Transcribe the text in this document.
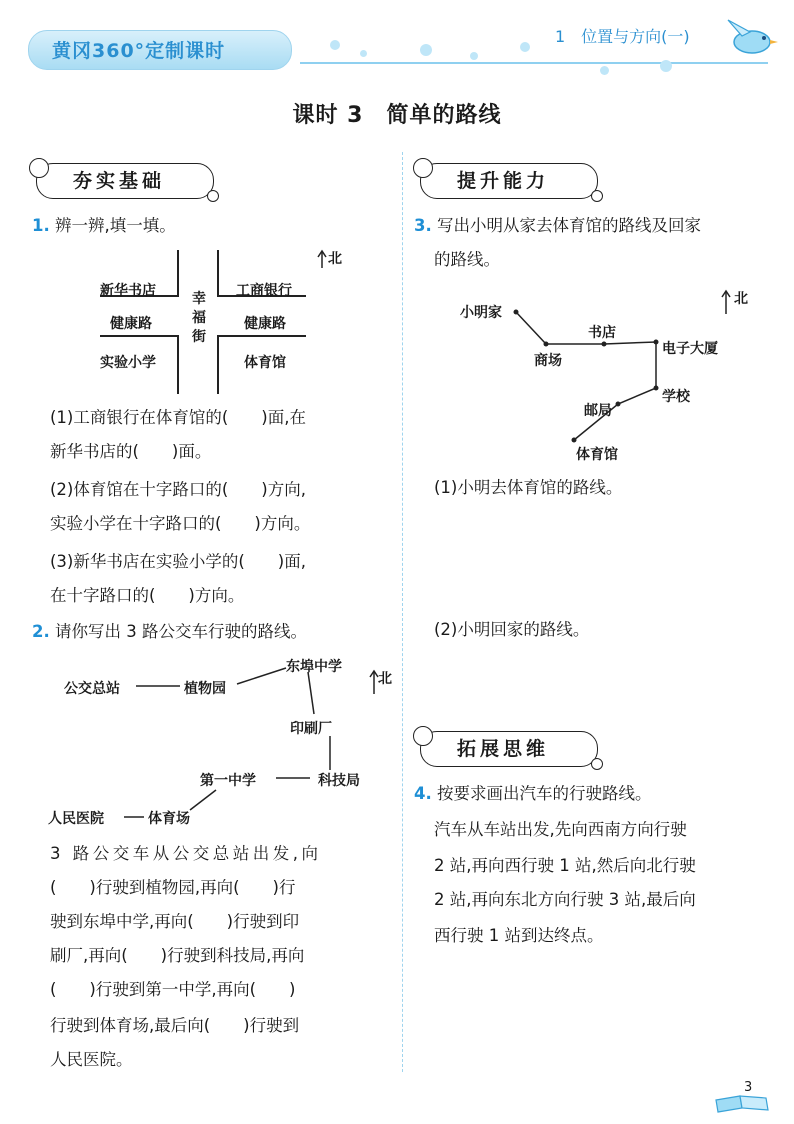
黄冈360°定制课时
1　位置与方向(一)
课时 3　简单的路线
夯实基础
1. 辨一辨,填一填。
北
新华书店	工商银行
健康路	健康路
实验小学	体育馆
幸福街
(1)工商银行在体育馆的(　　)面,在
新华书店的(　　)面。
(2)体育馆在十字路口的(　　)方向,
实验小学在十字路口的(　　)方向。
(3)新华书店在实验小学的(　　)面,
在十字路口的(　　)方向。
2. 请你写出 3 路公交车行驶的路线。
北
公交总站	植物园
东埠中学
印刷厂
科技局
第一中学
体育场
人民医院
3 路公交车从公交总站出发,向
(　　)行驶到植物园,再向(　　)行
驶到东埠中学,再向(　　)行驶到印
刷厂,再向(　　)行驶到科技局,再向
(　　)行驶到第一中学,再向(　　)
行驶到体育场,最后向(　　)行驶到
人民医院。
提升能力
3. 写出小明从家去体育馆的路线及回家
的路线。
北
小明家
书店
商场
电子大厦
学校
邮局
体育馆
(1)小明去体育馆的路线。
(2)小明回家的路线。
拓展思维
4. 按要求画出汽车的行驶路线。
汽车从车站出发,先向西南方向行驶
2 站,再向西行驶 1 站,然后向北行驶
2 站,再向东北方向行驶 3 站,最后向
西行驶 1 站到达终点。
3
